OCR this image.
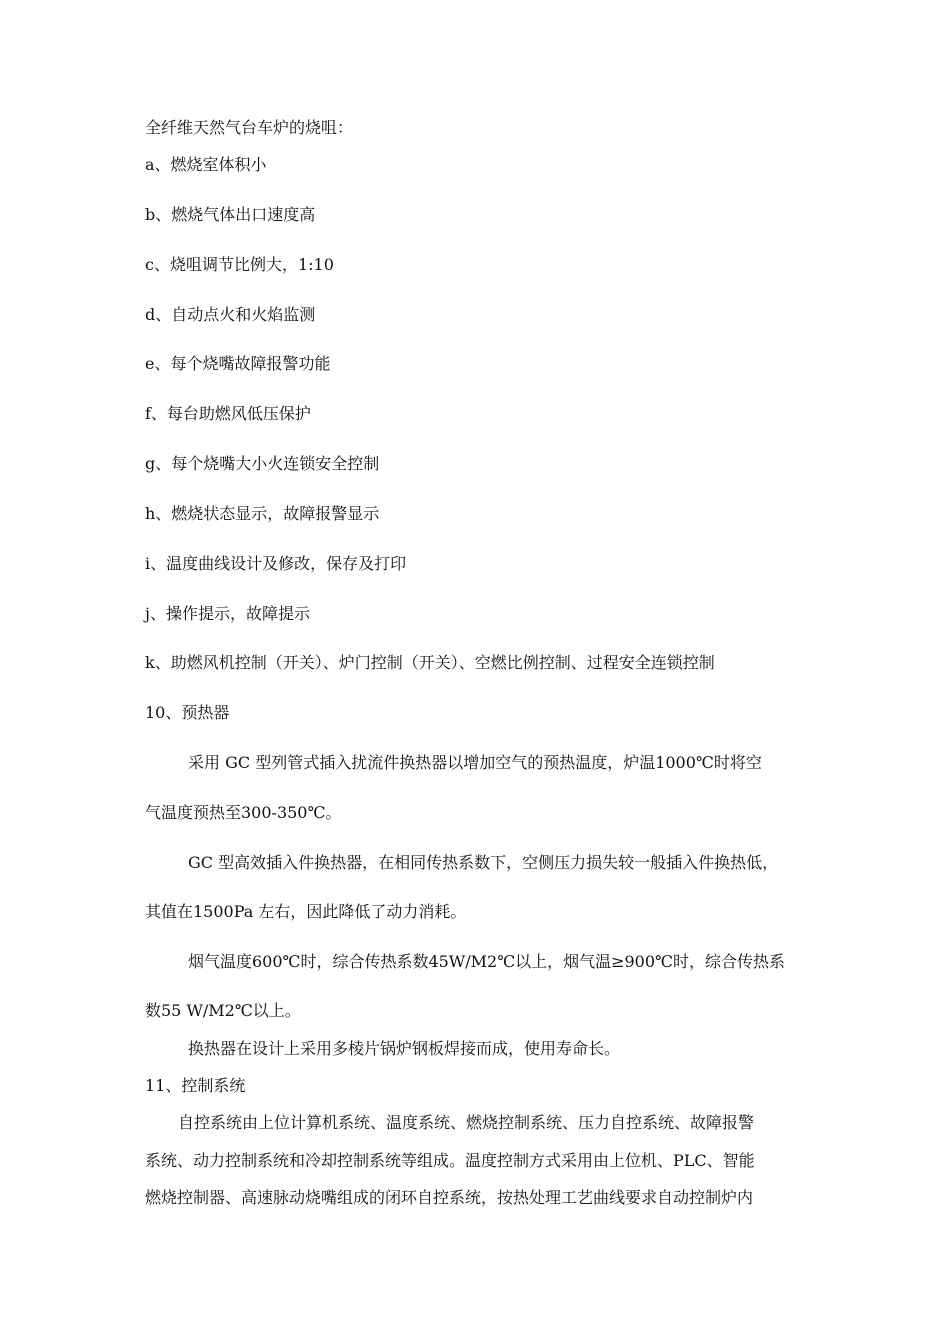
全纤维天然气台车炉的烧咀：
a、燃烧室体积小
b、燃烧气体出口速度高
c、烧咀调节比例大，1:10
d、自动点火和火焰监测
e、每个烧嘴故障报警功能
f、每台助燃风低压保护
g、每个烧嘴大小火连锁安全控制
h、燃烧状态显示，故障报警显示
i、温度曲线设计及修改，保存及打印
j、操作提示，故障提示
k、助燃风机控制（开关）、炉门控制（开关）、空燃比例控制、过程安全连锁控制
10、预热器
采用 GC 型列管式插入扰流件换热器以增加空气的预热温度，炉温1000℃时将空
气温度预热至300-350℃。
GC 型高效插入件换热器，在相同传热系数下，空侧压力损失较一般插入件换热低，
其值在1500Pa 左右，因此降低了动力消耗。
烟气温度600℃时，综合传热系数45W/M2℃以上，烟气温≥900℃时，综合传热系
数55 W/M2℃以上。
换热器在设计上采用多棱片锅炉钢板焊接而成，使用寿命长。
11、控制系统
自控系统由上位计算机系统、温度系统、燃烧控制系统、压力自控系统、故障报警
系统、动力控制系统和冷却控制系统等组成。温度控制方式采用由上位机、PLC、智能
燃烧控制器、高速脉动烧嘴组成的闭环自控系统，按热处理工艺曲线要求自动控制炉内
